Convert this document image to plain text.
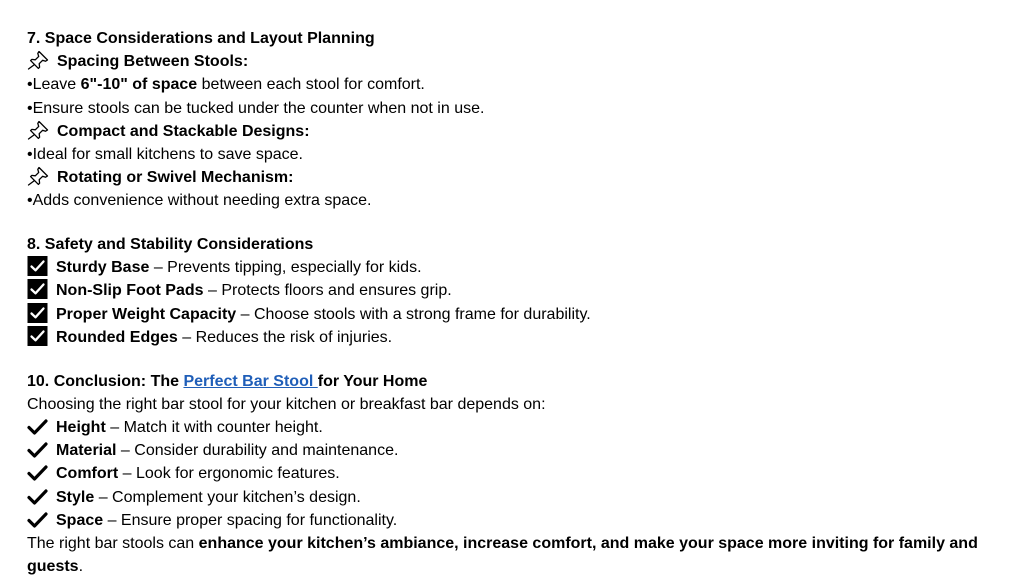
7. Space Considerations and Layout Planning
Spacing Between Stools:
•Leave 6"-10" of space between each stool for comfort.
•Ensure stools can be tucked under the counter when not in use.
Compact and Stackable Designs:
•Ideal for small kitchens to save space.
Rotating or Swivel Mechanism:
•Adds convenience without needing extra space.
8. Safety and Stability Considerations
Sturdy Base – Prevents tipping, especially for kids.
Non-Slip Foot Pads – Protects floors and ensures grip.
Proper Weight Capacity – Choose stools with a strong frame for durability.
Rounded Edges – Reduces the risk of injuries.
10. Conclusion: The Perfect Bar Stool for Your Home
Choosing the right bar stool for your kitchen or breakfast bar depends on:
Height – Match it with counter height.
Material – Consider durability and maintenance.
Comfort – Look for ergonomic features.
Style – Complement your kitchen’s design.
Space – Ensure proper spacing for functionality.
The right bar stools can enhance your kitchen’s ambiance, increase comfort, and make your space more inviting for family and guests.
